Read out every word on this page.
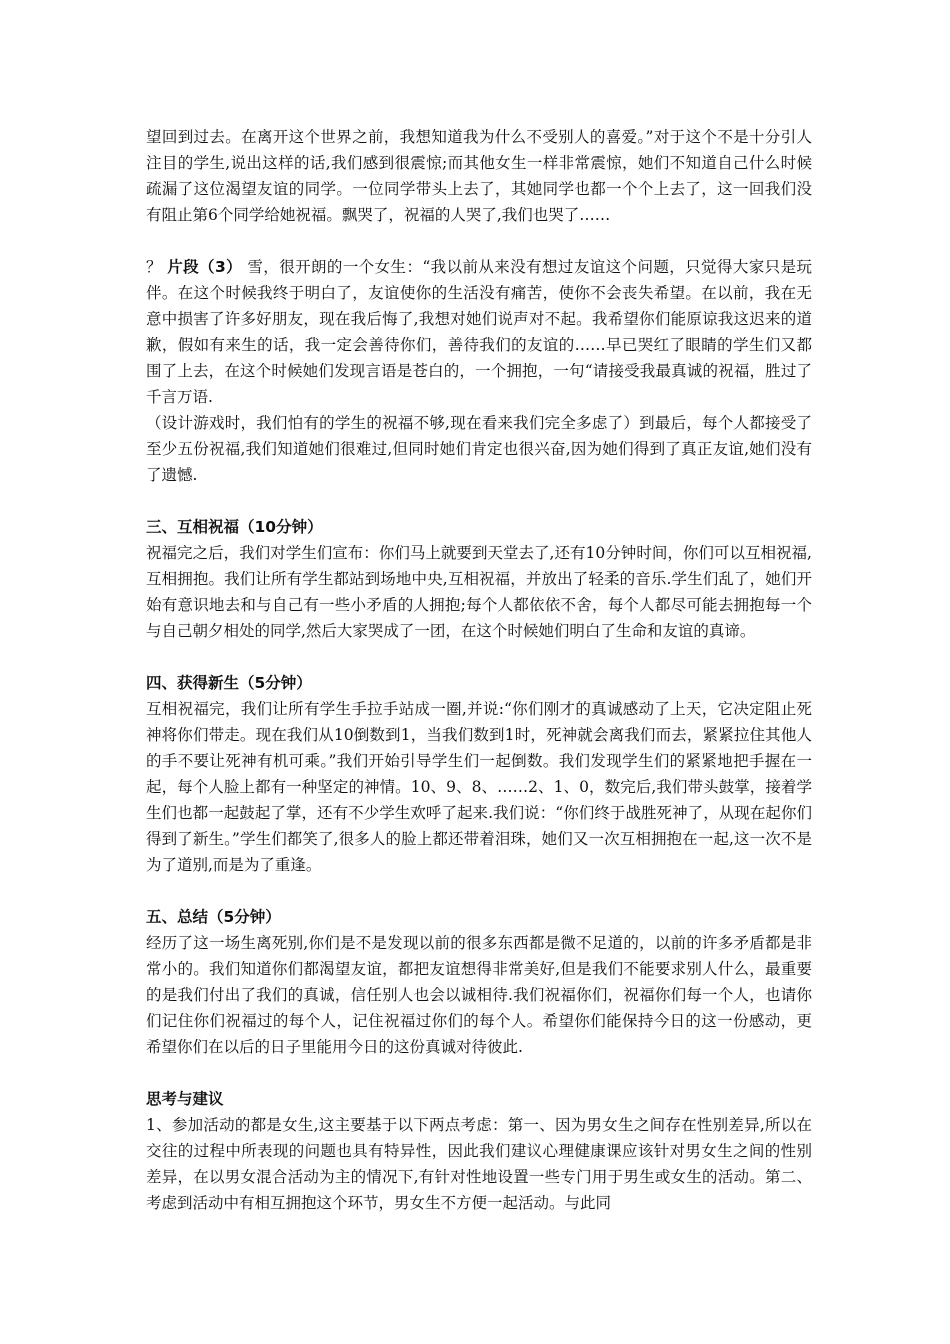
望回到过去。在离开这个世界之前，我想知道我为什么不受别人的喜爱。”对于这个不是十分引人注目的学生,说出这样的话,我们感到很震惊;而其他女生一样非常震惊，她们不知道自己什么时候疏漏了这位渴望友谊的同学。一位同学带头上去了，其她同学也都一个个上去了，这一回我们没有阻止第6个同学给她祝福。飘哭了，祝福的人哭了,我们也哭了……

？ 片段（3） 雪，很开朗的一个女生：“我以前从来没有想过友谊这个问题，只觉得大家只是玩伴。在这个时候我终于明白了，友谊使你的生活没有痛苦，使你不会丧失希望。在以前，我在无意中损害了许多好朋友，现在我后悔了,我想对她们说声对不起。我希望你们能原谅我这迟来的道歉，假如有来生的话，我一定会善待你们，善待我们的友谊的……早已哭红了眼睛的学生们又都围了上去，在这个时候她们发现言语是苍白的，一个拥抱，一句“请接受我最真诚的祝福，胜过了千言万语.

（设计游戏时，我们怕有的学生的祝福不够,现在看来我们完全多虑了）到最后，每个人都接受了至少五份祝福,我们知道她们很难过,但同时她们肯定也很兴奋,因为她们得到了真正友谊,她们没有了遗憾.

三、互相祝福（10分钟）

祝福完之后，我们对学生们宣布：你们马上就要到天堂去了,还有10分钟时间，你们可以互相祝福,互相拥抱。我们让所有学生都站到场地中央,互相祝福，并放出了轻柔的音乐.学生们乱了，她们开始有意识地去和与自己有一些小矛盾的人拥抱;每个人都依依不舍，每个人都尽可能去拥抱每一个与自己朝夕相处的同学,然后大家哭成了一团，在这个时候她们明白了生命和友谊的真谛。

四、获得新生（5分钟）

互相祝福完，我们让所有学生手拉手站成一圈,并说:“你们刚才的真诚感动了上天，它决定阻止死神将你们带走。现在我们从10倒数到1，当我们数到1时，死神就会离我们而去，紧紧拉住其他人的手不要让死神有机可乘。”我们开始引导学生们一起倒数。我们发现学生们的紧紧地把手握在一起，每个人脸上都有一种坚定的神情。10、9、8、……2、1、0，数完后,我们带头鼓掌，接着学生们也都一起鼓起了掌，还有不少学生欢呼了起来.我们说：“你们终于战胜死神了，从现在起你们得到了新生。”学生们都笑了,很多人的脸上都还带着泪珠，她们又一次互相拥抱在一起,这一次不是为了道别,而是为了重逢。

五、总结（5分钟）

经历了这一场生离死别,你们是不是发现以前的很多东西都是微不足道的，以前的许多矛盾都是非常小的。我们知道你们都渴望友谊，都把友谊想得非常美好,但是我们不能要求别人什么，最重要的是我们付出了我们的真诚，信任别人也会以诚相待.我们祝福你们，祝福你们每一个人，也请你们记住你们祝福过的每个人，记住祝福过你们的每个人。希望你们能保持今日的这一份感动，更希望你们在以后的日子里能用今日的这份真诚对待彼此.

思考与建议

1、参加活动的都是女生,这主要基于以下两点考虑：第一、因为男女生之间存在性别差异,所以在交往的过程中所表现的问题也具有特异性，因此我们建议心理健康课应该针对男女生之间的性别差异，在以男女混合活动为主的情况下,有针对性地设置一些专门用于男生或女生的活动。第二、考虑到活动中有相互拥抱这个环节，男女生不方便一起活动。与此同
